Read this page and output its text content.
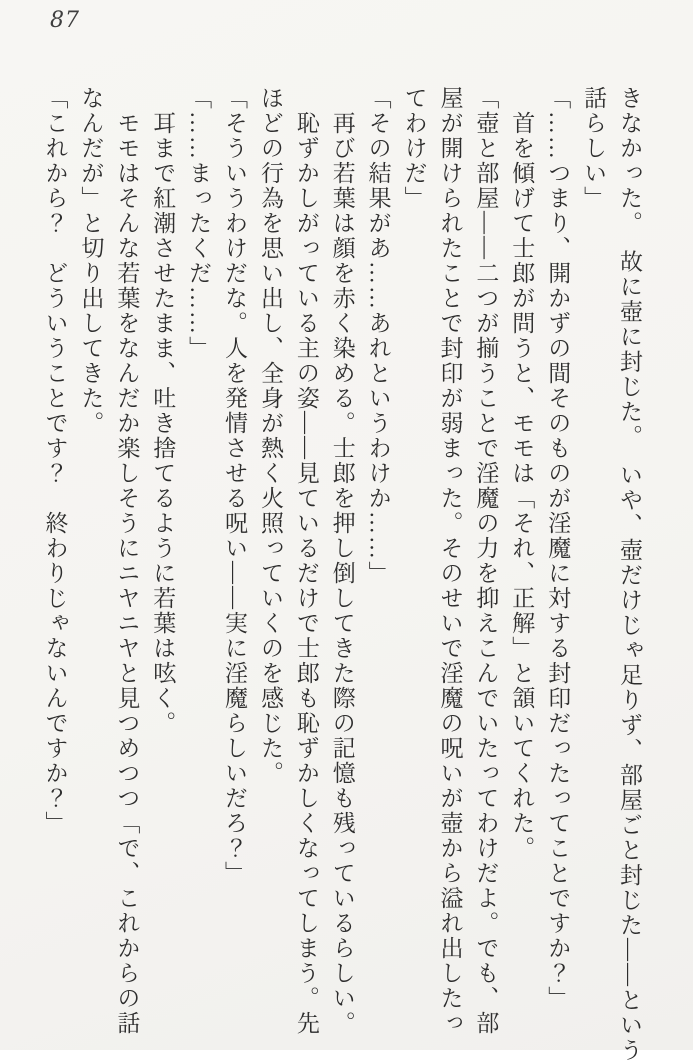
87

きなかった。　故に壺に封じた。　いや、壺だけじゃ足りず、部屋ごと封じた——という

話らしい」

「……つまり、開かずの間そのものが淫魔に対する封印だったってことですか？」

首を傾げて士郎が問うと、モモは「それ、正解」と頷いてくれた。

「壺と部屋——二つが揃うことで淫魔の力を抑えこんでいたってわけだよ。でも、部

屋が開けられたことで封印が弱まった。そのせいで淫魔の呪いが壺から溢れ出したっ

てわけだ」

「その結果があ……あれというわけか……」

再び若葉は顔を赤く染める。士郎を押し倒してきた際の記憶も残っているらしい。

恥ずかしがっている主の姿——見ているだけで士郎も恥ずかしくなってしまう。先

ほどの行為を思い出し、全身が熱く火照っていくのを感じた。

「そういうわけだな。人を発情させる呪い——実に淫魔らしいだろ？」

「……まったくだ……」

耳まで紅潮させたまま、吐き捨てるように若葉は呟く。

モモはそんな若葉をなんだか楽しそうにニヤニヤと見つめつつ「で、これからの話

なんだが」と切り出してきた。

「これから？　どういうことです？　終わりじゃないんですか？」
